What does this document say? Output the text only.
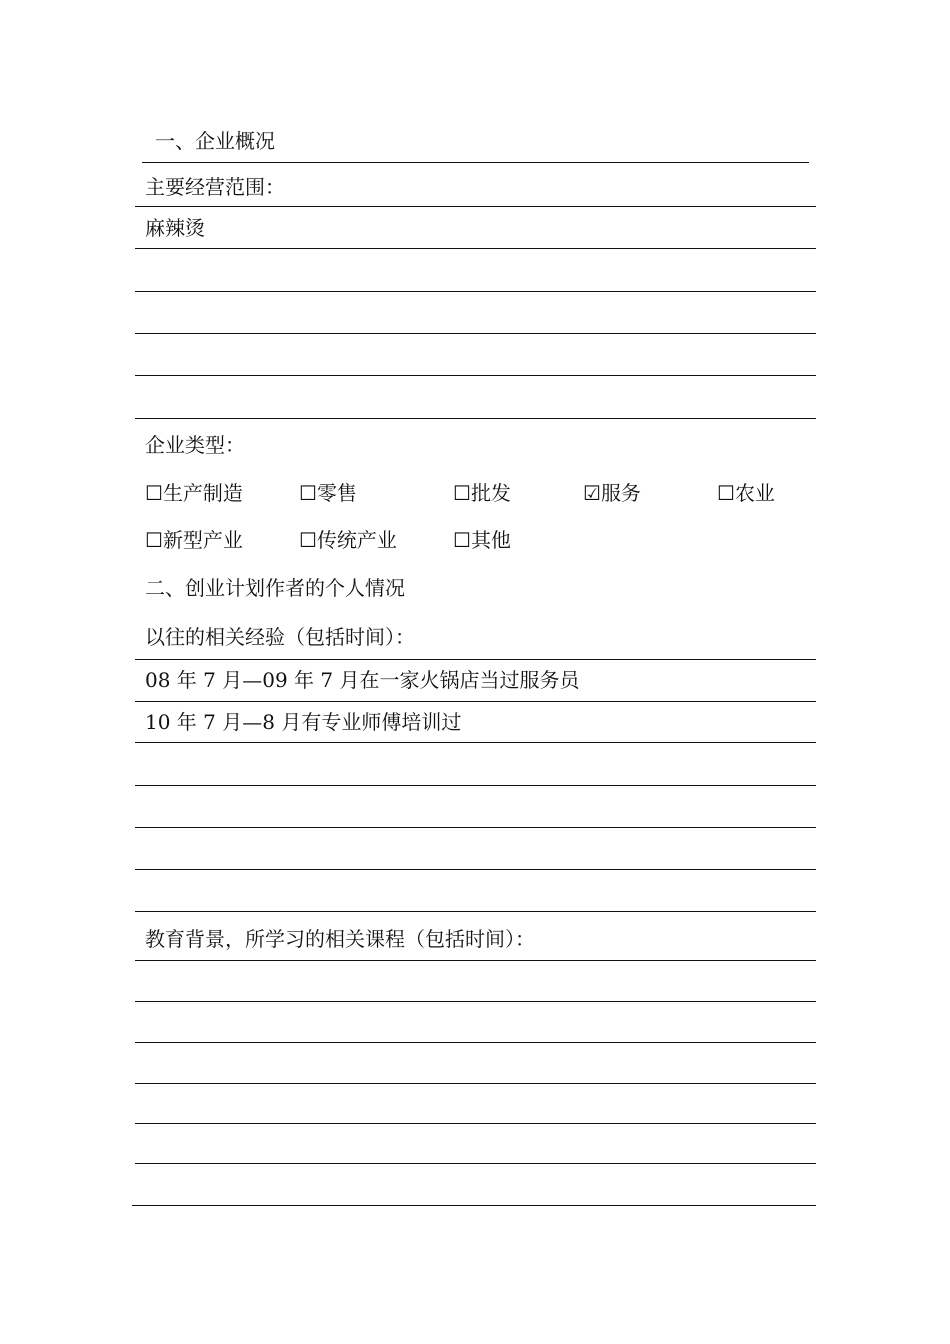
一、企业概况
主要经营范围：
麻辣烫
企业类型：
☐生产制造	☐零售	☐批发	☑服务	☐农业
☐新型产业	☐传统产业	☐其他
二、创业计划作者的个人情况
以往的相关经验（包括时间）：
08 年 7 月—09 年 7 月在一家火锅店当过服务员
10 年 7 月—8 月有专业师傅培训过
教育背景，所学习的相关课程（包括时间）：
